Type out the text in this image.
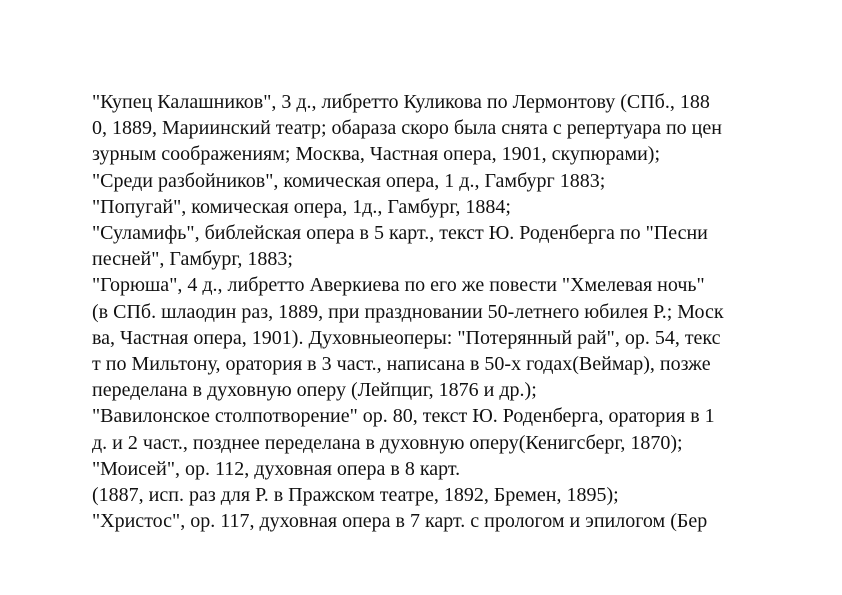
"Купец Калашников", 3 д., либретто Куликова по Лермонтову (СПб., 188

0, 1889, Мариинский театр; обараза скоро была снята с репертуара по цен

зурным соображениям; Москва, Частная опера, 1901, скупюрами);

"Среди разбойников", комическая опера, 1 д., Гамбург 1883;

"Попугай", комическая опера, 1д., Гамбург, 1884;

"Суламифь", библейская опера в 5 карт., текст Ю. Роденберга по "Песни

песней", Гамбург, 1883;

"Горюша", 4 д., либретто Аверкиева по его же повести "Хмелевая ночь"

(в СПб. шлаодин раз, 1889, при праздновании 50-летнего юбилея Р.; Моск

ва, Частная опера, 1901). Духовныеоперы: "Потерянный рай", ор. 54, текс

т по Мильтону, оратория в 3 част., написана в 50-х годах(Веймар), позже

переделана в духовную оперу (Лейпциг, 1876 и др.);

"Вавилонское столпотворение" ор. 80, текст Ю. Роденберга, оратория в 1

д. и 2 част., позднее переделана в духовную оперу(Кенигсберг, 1870);

"Моисей", ор. 112, духовная опера в 8 карт.

(1887, исп. раз для Р. в Пражском театре, 1892, Бремен, 1895);

"Христос", ор. 117, духовная опера в 7 карт. с прологом и эпилогом (Бер
